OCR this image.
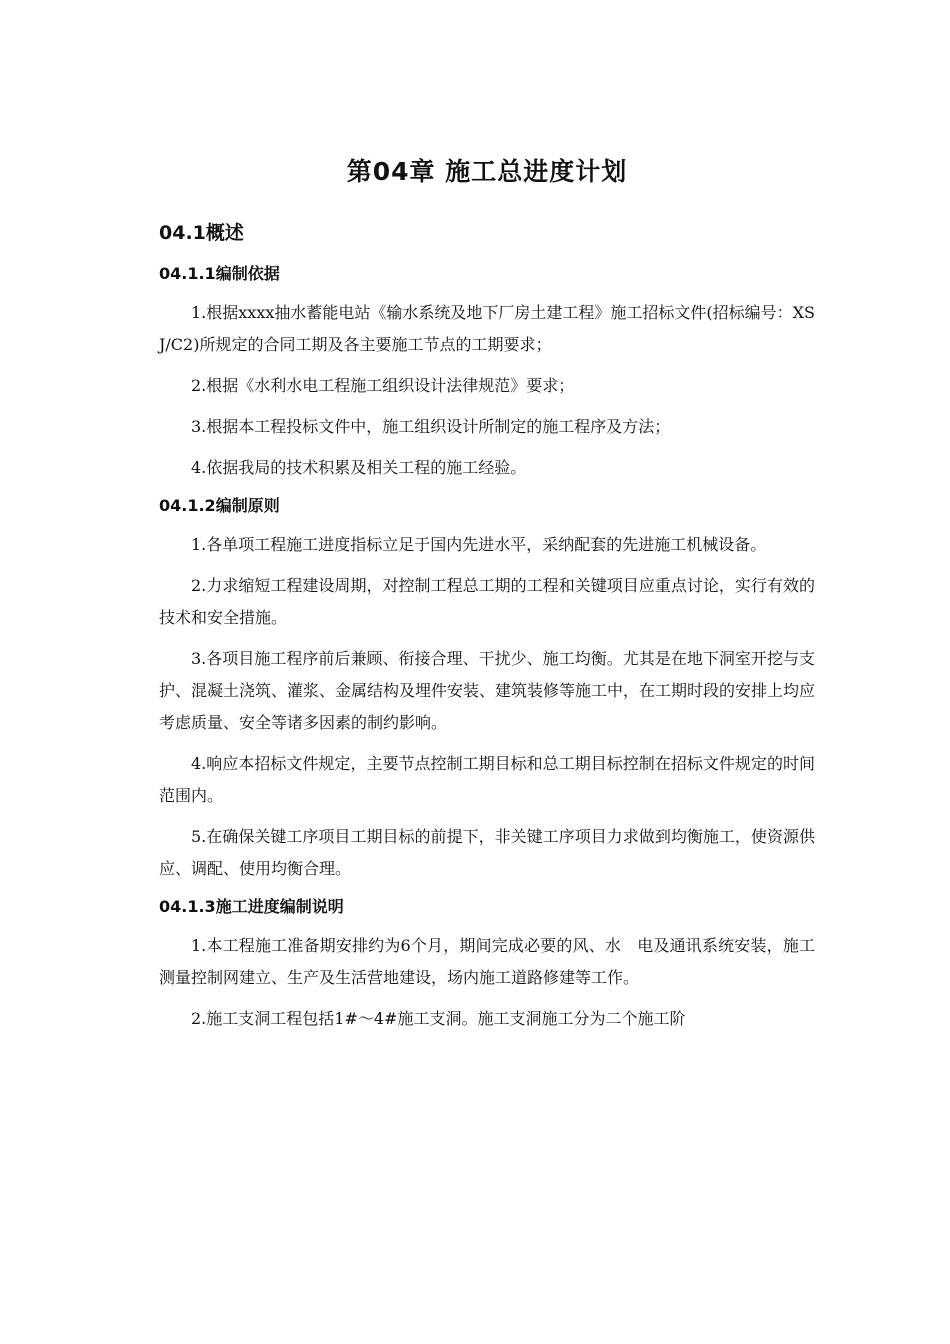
第04章 施工总进度计划
04.1概述
04.1.1编制依据

1.根据xxxx抽水蓄能电站《输水系统及地下厂房土建工程》施工招标文件(招标编号：XSJ/C2)所规定的合同工期及各主要施工节点的工期要求；

2.根据《水利水电工程施工组织设计法律规范》要求；

3.根据本工程投标文件中，施工组织设计所制定的施工程序及方法；

4.依据我局的技术积累及相关工程的施工经验。

04.1.2编制原则

1.各单项工程施工进度指标立足于国内先进水平，采纳配套的先进施工机械设备。

2.力求缩短工程建设周期，对控制工程总工期的工程和关键项目应重点讨论，实行有效的技术和安全措施。

3.各项目施工程序前后兼顾、衔接合理、干扰少、施工均衡。尤其是在地下洞室开挖与支护、混凝土浇筑、灌浆、金属结构及埋件安装、建筑装修等施工中，在工期时段的安排上均应考虑质量、安全等诸多因素的制约影响。

4.响应本招标文件规定，主要节点控制工期目标和总工期目标控制在招标文件规定的时间范围内。

5.在确保关键工序项目工期目标的前提下，非关键工序项目力求做到均衡施工，使资源供应、调配、使用均衡合理。

04.1.3施工进度编制说明

1.本工程施工准备期安排约为6个月，期间完成必要的风、水　电及通讯系统安装，施工测量控制网建立、生产及生活营地建设，场内施工道路修建等工作。

2.施工支洞工程包括1#～4#施工支洞。施工支洞施工分为二个施工阶
